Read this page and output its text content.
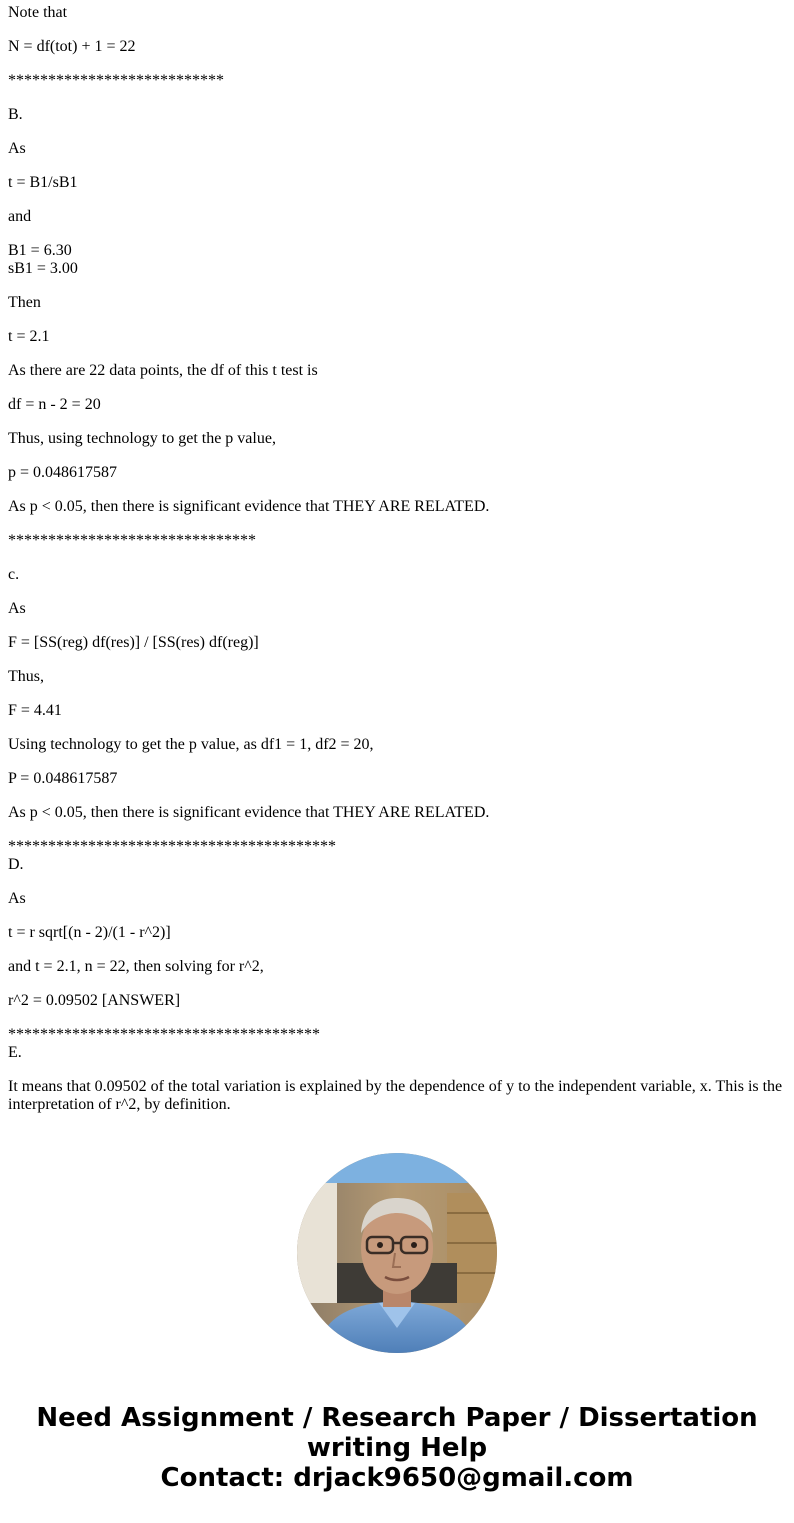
Note that

N = df(tot) + 1 = 22

***************************

B.

As

t = B1/sB1

and

B1 = 6.30

sB1 = 3.00

Then

t = 2.1

As there are 22 data points, the df of this t test is

df = n - 2 = 20

Thus, using technology to get the p value,

p = 0.048617587

As p < 0.05, then there is significant evidence that THEY ARE RELATED.

*******************************

c.

As

F = [SS(reg) df(res)] / [SS(res) df(reg)]

Thus,

F = 4.41

Using technology to get the p value, as df1 = 1, df2 = 20,

P = 0.048617587

As p < 0.05, then there is significant evidence that THEY ARE RELATED.

*****************************************

D.

As

t = r sqrt[(n - 2)/(1 - r^2)]

and t = 2.1, n = 22, then solving for r^2,

r^2 = 0.09502 [ANSWER]

***************************************

E.

It means that 0.09502 of the total variation is explained by the dependence of y to the independent variable, x. This is the interpretation of r^2, by definition.

Need Assignment / Research Paper / Dissertation
writing Help
Contact: drjack9650@gmail.com
